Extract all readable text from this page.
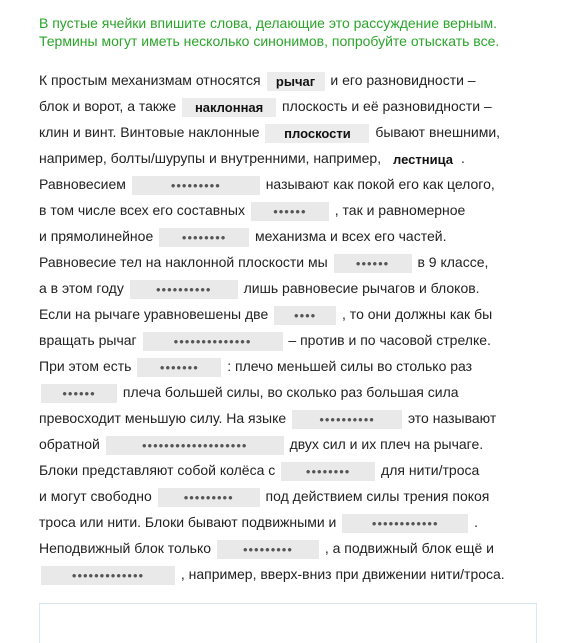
В пустые ячейки впишите слова, делающие это рассуждение верным.
Термины могут иметь несколько синонимов, попробуйте отыскать все.
К простым механизмам относятся рычаг и его разновидности –
блок и ворот, а также наклонная плоскость и её разновидности –
клин и винт. Винтовые наклонные плоскости бывают внешними,
например, болты/шурупы и внутренними, например, лестница .
Равновесием	•••••••••	называют как покой его как целого,
в том числе всех его составных •••••• , так и равномерное
и прямолинейное •••••••• механизма и всех его частей.
Равновесие тел на наклонной плоскости мы •••••• в 9 классе,
а в этом году •••••••••• лишь равновесие рычагов и блоков.
Если на рычаге уравновешены две •••• , то они должны как бы
вращать рычаг	•••••••••••••• – против и по часовой стрелке.
При этом есть ••••••• : плечо меньшей силы во столько раз
•••••• плеча большей силы, во сколько раз большая сила
превосходит меньшую силу. На языке •••••••••• это называют
обратной	•••••••••••••••••••	двух сил и их плеч на рычаге.
Блоки представляют собой колёса с •••••••• для нити/троса
и могут свободно ••••••••• под действием силы трения покоя
троса или нити. Блоки бывают подвижными и •••••••••••• .
Неподвижный блок только ••••••••• , а подвижный блок ещё и
••••••••••••• , например, вверх-вниз при движении нити/троса.
